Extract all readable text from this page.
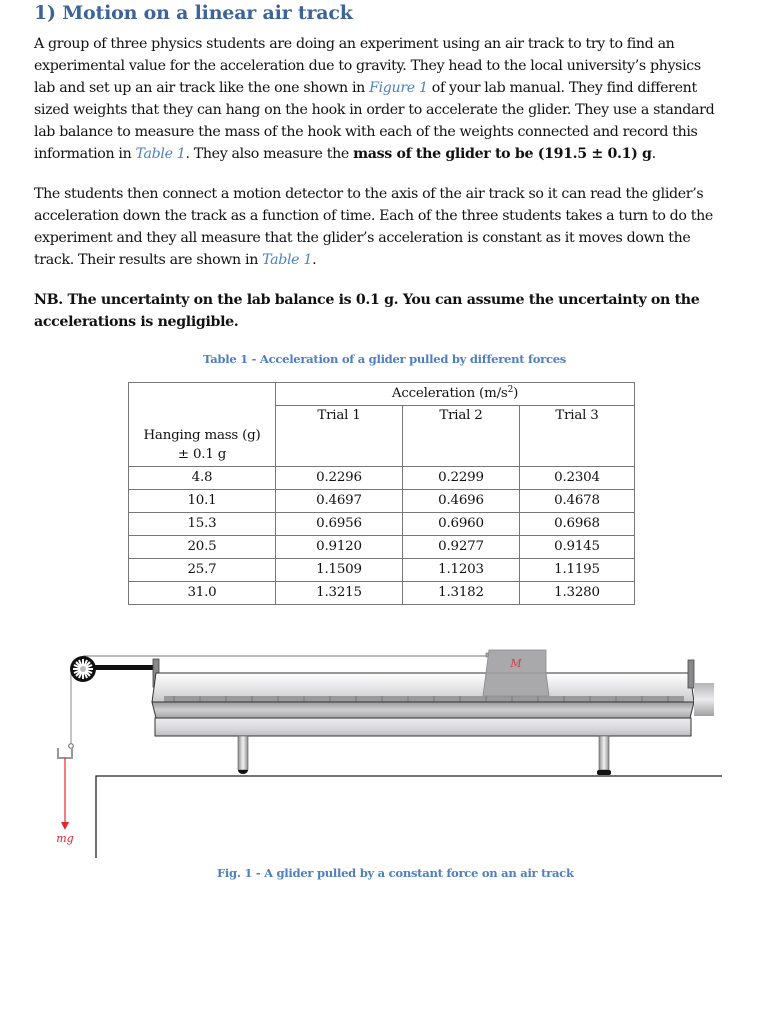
1) Motion on a linear air track
A group of three physics students are doing an experiment using an air track to try to find an
experimental value for the acceleration due to gravity. They head to the local university’s physics
lab and set up an air track like the one shown in Figure 1 of your lab manual. They find different
sized weights that they can hang on the hook in order to accelerate the glider. They use a standard
lab balance to measure the mass of the hook with each of the weights connected and record this
information in Table 1. They also measure the mass of the glider to be (191.5 ± 0.1) g.
The students then connect a motion detector to the axis of the air track so it can read the glider’s
acceleration down the track as a function of time. Each of the three students takes a turn to do the
experiment and they all measure that the glider’s acceleration is constant as it moves down the
track. Their results are shown in Table 1.
NB. The uncertainty on the lab balance is 0.1 g. You can assume the uncertainty on the
accelerations is negligible.
Table 1 - Acceleration of a glider pulled by different forces
	Acceleration $(m/s^2)$		

Hanging mass (g)
± 0.1 g	Trial 1	Trial 2	Trial 3
4.8	0.2296	0.2299	0.2304
10.1	0.4697	0.4696	0.4678
15.3	0.6956	0.6960	0.6968
20.5	0.9120	0.9277	0.9145
25.7	1.1509	1.1203	1.1195
31.0	1.3215	1.3182	1.3280
M
mg
Fig. 1 - A glider pulled by a constant force on an air track
